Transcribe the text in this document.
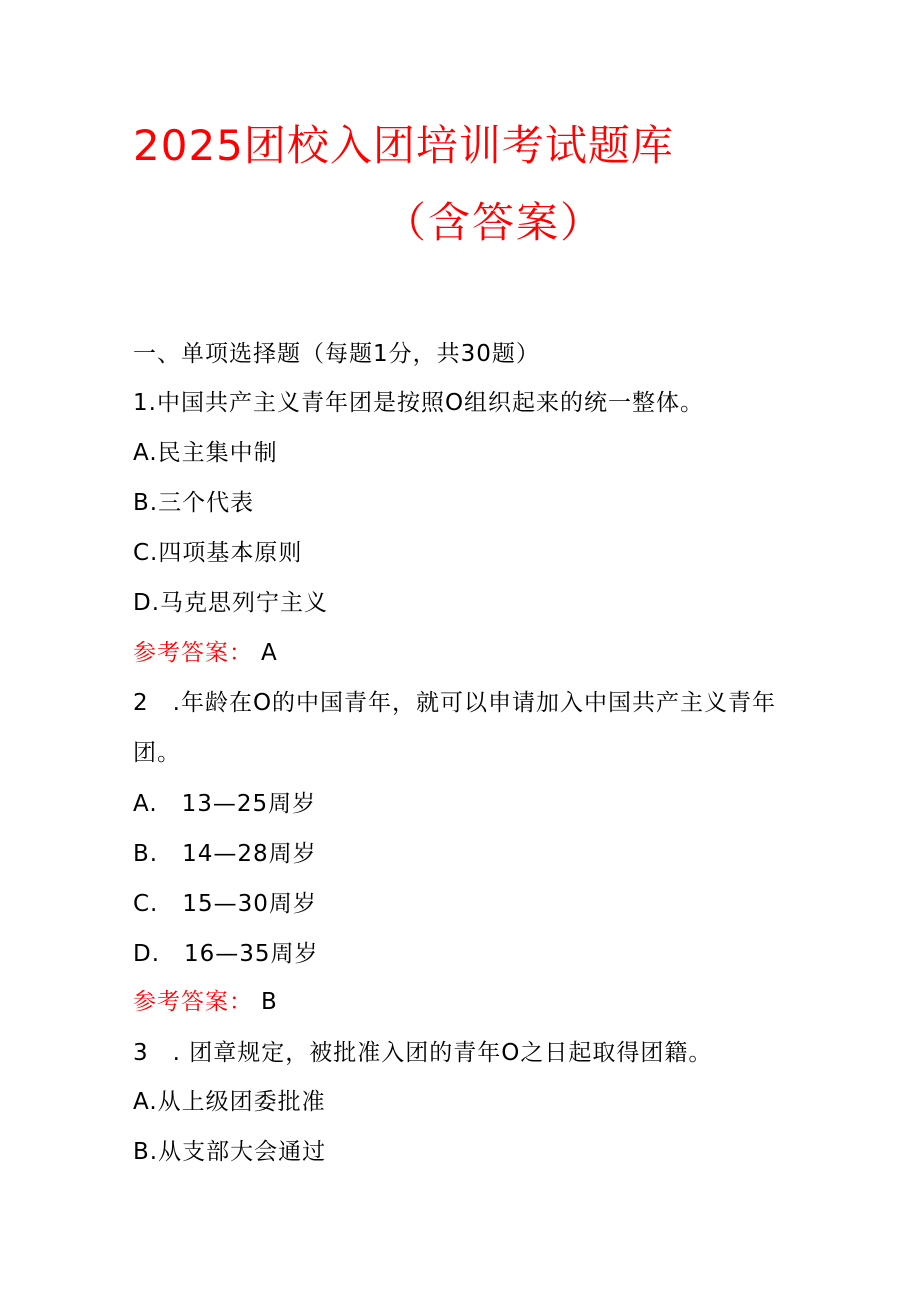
2025团校入团培训考试题库
（含答案）
一、单项选择题（每题1分，共30题）
1.中国共产主义青年团是按照O组织起来的统一整体。
A.民主集中制
B.三个代表
C.四项基本原则
D.马克思列宁主义
参考答案： A
2　.年龄在O的中国青年，就可以申请加入中国共产主义青年
团。
A.　13—25周岁
B.　14—28周岁
C.　15—30周岁
D.　16—35周岁
参考答案： B
3　. 团章规定，被批准入团的青年O之日起取得团籍。
A.从上级团委批准
B.从支部大会通过
